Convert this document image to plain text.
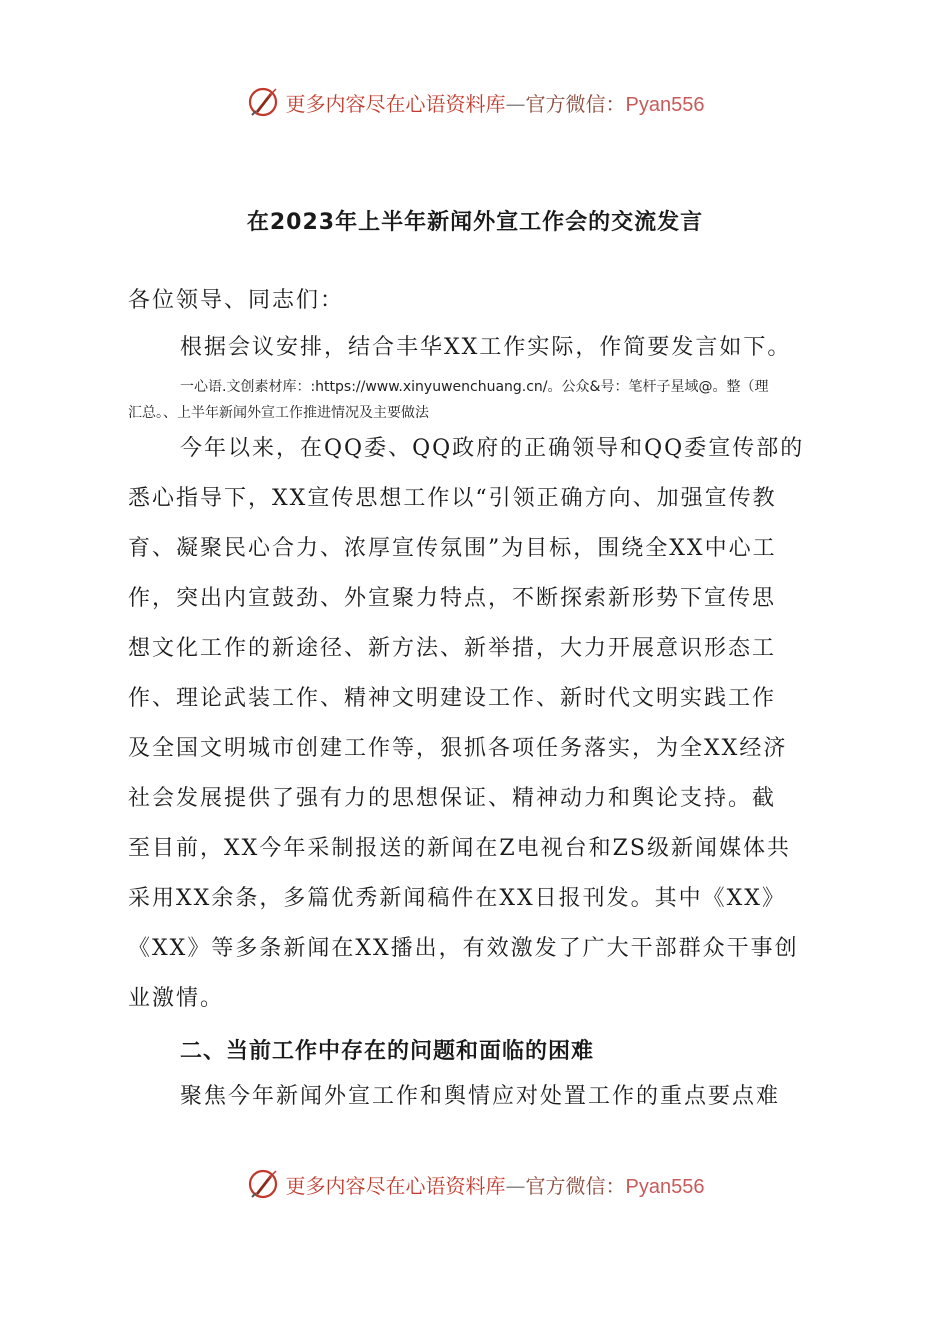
更多内容尽在心语资料库—官方微信：Pyan556
在2023年上半年新闻外宣工作会的交流发言
各位领导、同志们：
根据会议安排，结合丰华XX工作实际，作简要发言如下。
一心语.文创素材库：:https://www.xinyuwenchuang.cn/。公众&号：笔杆子星域@。整（理
汇总。、上半年新闻外宣工作推进情况及主要做法
今年以来，在QQ委、QQ政府的正确领导和QQ委宣传部的
悉心指导下，XX宣传思想工作以“引领正确方向、加强宣传教
育、凝聚民心合力、浓厚宣传氛围”为目标，围绕全XX中心工
作，突出内宣鼓劲、外宣聚力特点，不断探索新形势下宣传思
想文化工作的新途径、新方法、新举措，大力开展意识形态工
作、理论武装工作、精神文明建设工作、新时代文明实践工作
及全国文明城市创建工作等，狠抓各项任务落实，为全XX经济
社会发展提供了强有力的思想保证、精神动力和舆论支持。截
至目前，XX今年采制报送的新闻在Z电视台和ZS级新闻媒体共
采用XX余条，多篇优秀新闻稿件在XX日报刊发。其中《XX》
《XX》等多条新闻在XX播出，有效激发了广大干部群众干事创
业激情。
二、当前工作中存在的问题和面临的困难
聚焦今年新闻外宣工作和舆情应对处置工作的重点要点难
更多内容尽在心语资料库—官方微信：Pyan556
